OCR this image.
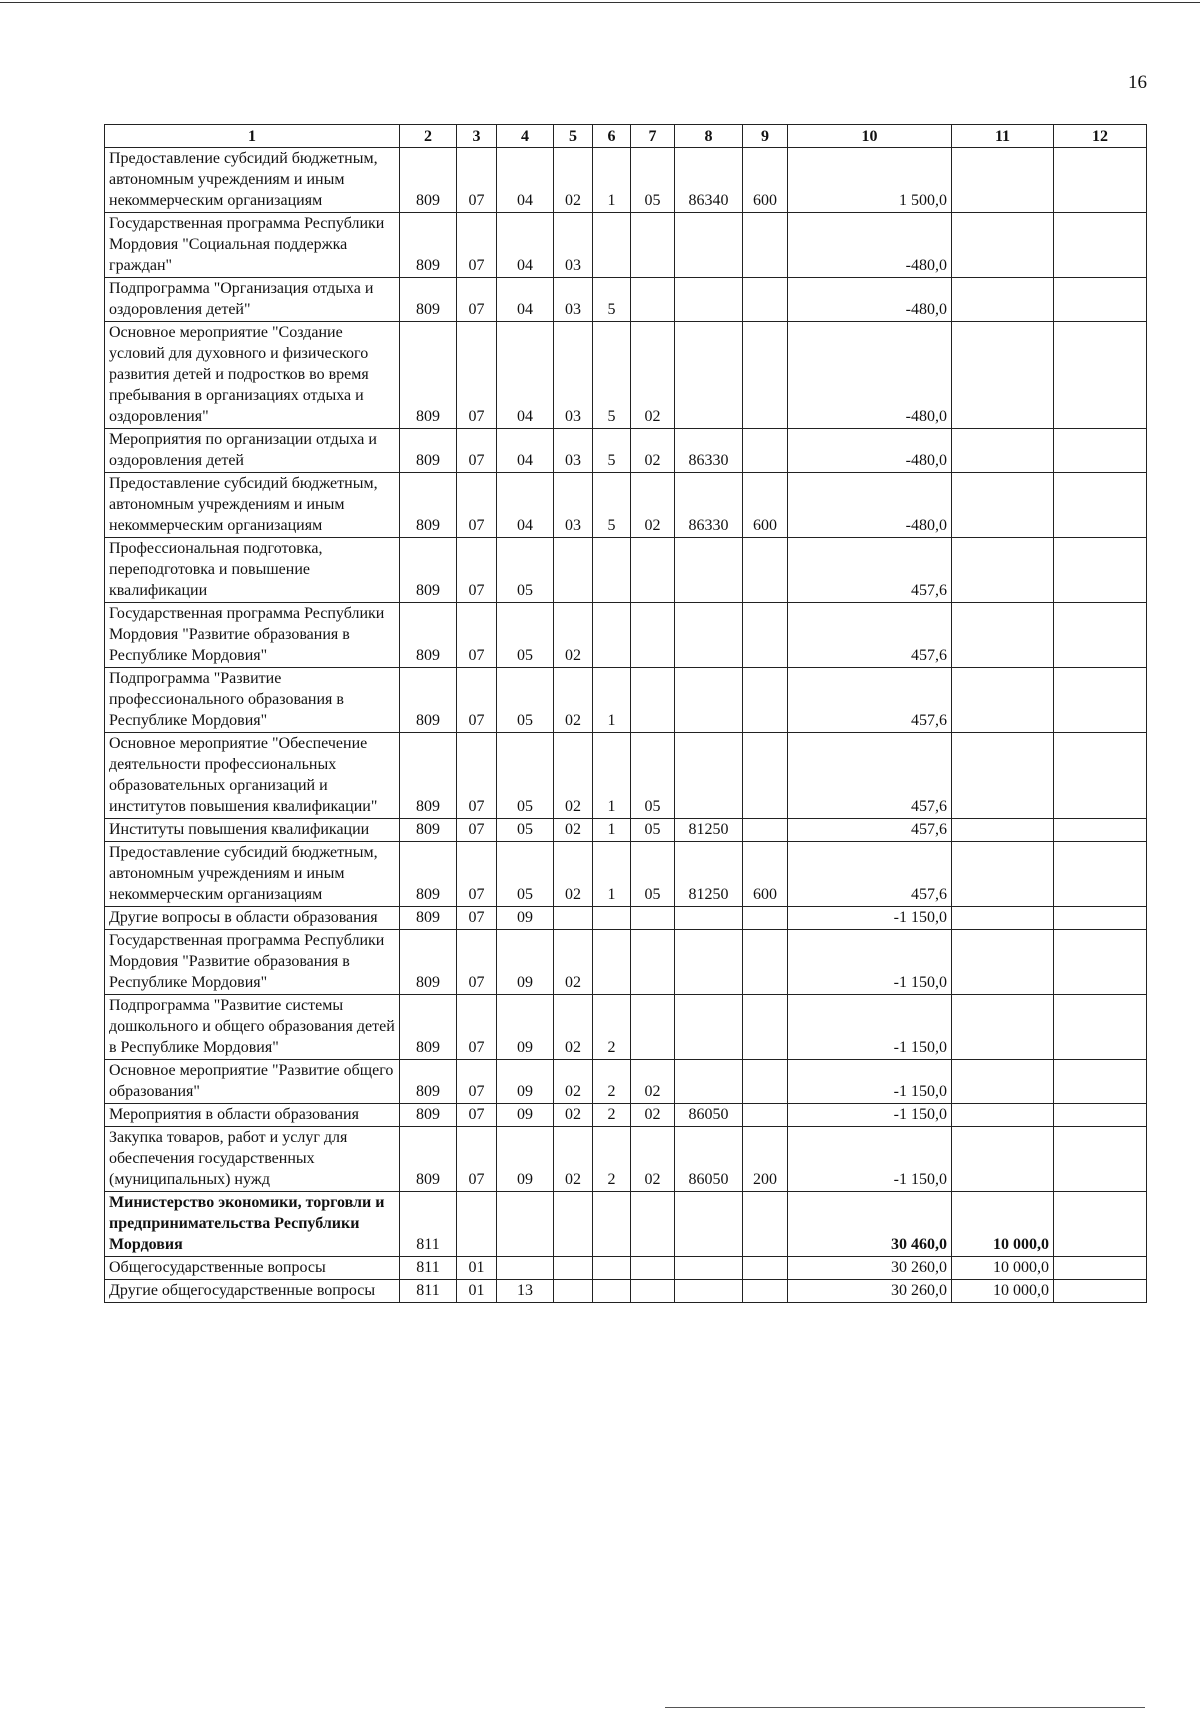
16
1	2	3	4	5	6	7	8	9	10	11	12
Предоставление субсидий бюджетным, автономным учреждениям и иным некоммерческим организациям	809	07	04	02	1	05	86340	600	1 500,0		
Государственная программа Республики Мордовия "Социальная поддержка граждан"	809	07	04	03					-480,0		
Подпрограмма "Организация отдыха и оздоровления детей"	809	07	04	03	5				-480,0		
Основное мероприятие "Создание условий для духовного и физического развития детей и подростков во время пребывания в организациях отдыха и оздоровления"	809	07	04	03	5	02			-480,0		
Мероприятия по организации отдыха и оздоровления детей	809	07	04	03	5	02	86330		-480,0		
Предоставление субсидий бюджетным, автономным учреждениям и иным некоммерческим организациям	809	07	04	03	5	02	86330	600	-480,0		
Профессиональная подготовка, переподготовка и повышение квалификации	809	07	05						457,6		
Государственная программа Республики Мордовия "Развитие образования в Республике Мордовия"	809	07	05	02					457,6		
Подпрограмма "Развитие профессионального образования в Республике Мордовия"	809	07	05	02	1				457,6		
Основное мероприятие "Обеспечение деятельности профессиональных образовательных организаций и институтов повышения квалификации"	809	07	05	02	1	05			457,6		
Институты повышения квалификации	809	07	05	02	1	05	81250		457,6		
Предоставление субсидий бюджетным, автономным учреждениям и иным некоммерческим организациям	809	07	05	02	1	05	81250	600	457,6		
Другие вопросы в области образования	809	07	09						-1 150,0		
Государственная программа Республики Мордовия "Развитие образования в Республике Мордовия"	809	07	09	02					-1 150,0		
Подпрограмма "Развитие системы дошкольного и общего образования детей в Республике Мордовия"	809	07	09	02	2				-1 150,0		
Основное мероприятие "Развитие общего образования"	809	07	09	02	2	02			-1 150,0		
Мероприятия в области образования	809	07	09	02	2	02	86050		-1 150,0		
Закупка товаров, работ и услуг для обеспечения государственных (муниципальных) нужд	809	07	09	02	2	02	86050	200	-1 150,0		
Министерство экономики, торговли и предпринимательства Республики Мордовия	811								30 460,0	10 000,0	
Общегосударственные вопросы	811	01							30 260,0	10 000,0	
Другие общегосударственные вопросы	811	01	13						30 260,0	10 000,0	
